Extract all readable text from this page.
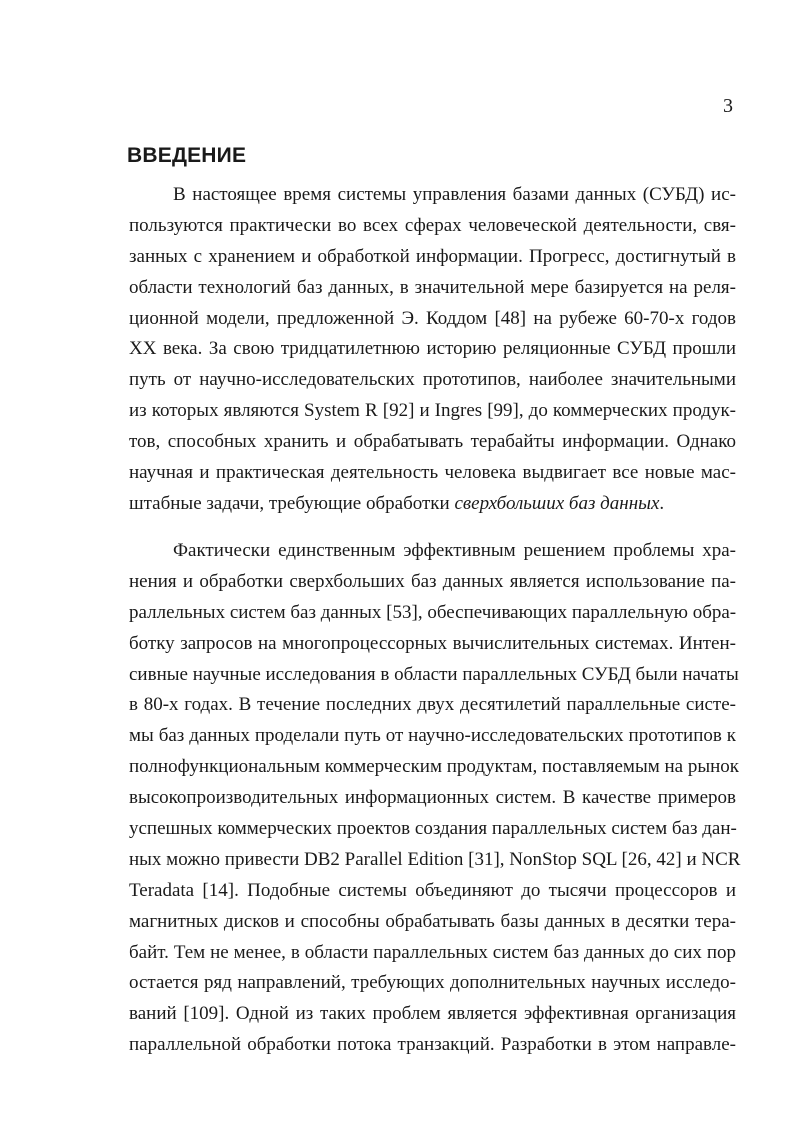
3
ВВЕДЕНИЕ
В настоящее время системы управления базами данных (СУБД) ис-
пользуются практически во всех сферах человеческой деятельности, свя-
занных с хранением и обработкой информации. Прогресс, достигнутый в
области технологий баз данных, в значительной мере базируется на реля-
ционной модели, предложенной Э. Коддом [48] на рубеже 60-70-х годов
XX века. За свою тридцатилетнюю историю реляционные СУБД прошли
путь от научно-исследовательских прототипов, наиболее значительными
из которых являются System R [92] и Ingres [99], до коммерческих продук-
тов, способных хранить и обрабатывать терабайты информации. Однако
научная и практическая деятельность человека выдвигает все новые мас-
штабные задачи, требующие обработки сверхбольших баз данных.
Фактически единственным эффективным решением проблемы хра-
нения и обработки сверхбольших баз данных является использование па-
раллельных систем баз данных [53], обеспечивающих параллельную обра-
ботку запросов на многопроцессорных вычислительных системах. Интен-
сивные научные исследования в области параллельных СУБД были начаты
в 80-х годах. В течение последних двух десятилетий параллельные систе-
мы баз данных проделали путь от научно-исследовательских прототипов к
полнофункциональным коммерческим продуктам, поставляемым на рынок
высокопроизводительных информационных систем. В качестве примеров
успешных коммерческих проектов создания параллельных систем баз дан-
ных можно привести DB2 Parallel Edition [31], NonStop SQL [26, 42] и NCR
Teradata [14]. Подобные системы объединяют до тысячи процессоров и
магнитных дисков и способны обрабатывать базы данных в десятки тера-
байт. Тем не менее, в области параллельных систем баз данных до сих пор
остается ряд направлений, требующих дополнительных научных исследо-
ваний [109]. Одной из таких проблем является эффективная организация
параллельной обработки потока транзакций. Разработки в этом направле-
